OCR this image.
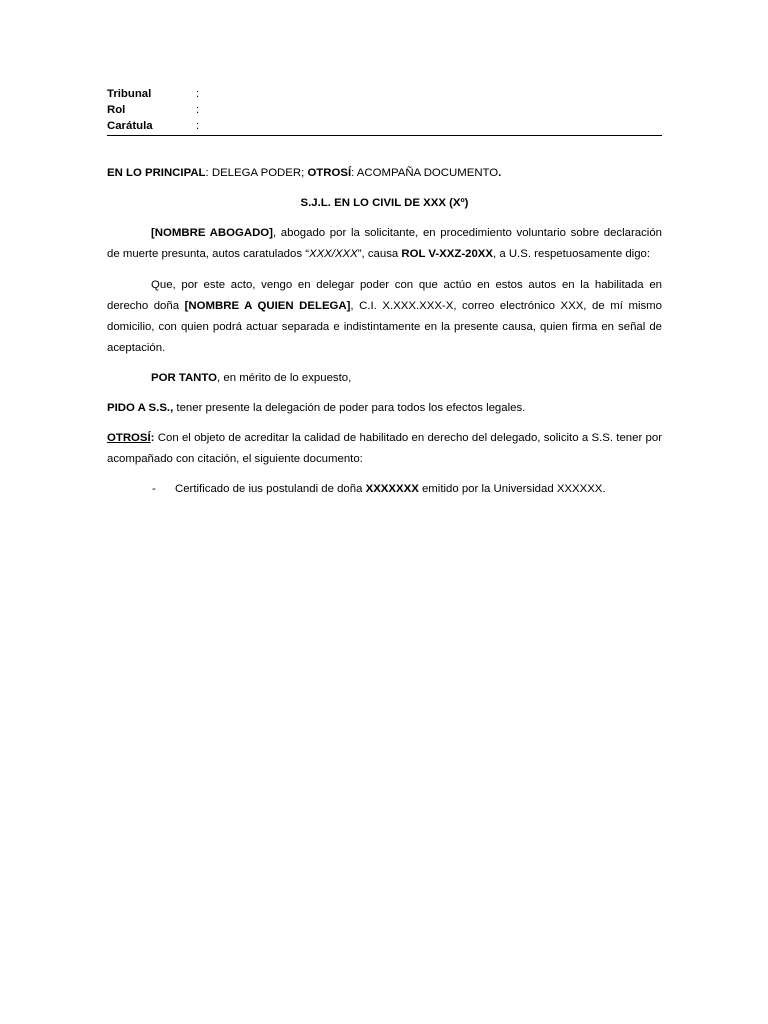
Tribunal	:
Rol	:
Carátula	:

EN LO PRINCIPAL: DELEGA PODER; OTROSÍ: ACOMPAÑA DOCUMENTO.

S.J.L. EN LO CIVIL DE XXX (Xº)

[NOMBRE ABOGADO], abogado por la solicitante, en procedimiento voluntario sobre declaración de muerte presunta, autos caratulados “XXX/XXX”, causa ROL V-XXZ-20XX, a U.S. respetuosamente digo:

Que, por este acto, vengo en delegar poder con que actúo en estos autos en la habilitada en derecho doña [NOMBRE A QUIEN DELEGA], C.I. X.XXX.XXX-X, correo electrónico XXX, de mí mismo domicilio, con quien podrá actuar separada e indistintamente en la presente causa, quien firma en señal de aceptación.

POR TANTO, en mérito de lo expuesto,

PIDO A S.S., tener presente la delegación de poder para todos los efectos legales.

OTROSÍ: Con el objeto de acreditar la calidad de habilitado en derecho del delegado, solicito a S.S. tener por acompañado con citación, el siguiente documento:

-	Certificado de ius postulandi de doña XXXXXXX emitido por la Universidad XXXXXX.
